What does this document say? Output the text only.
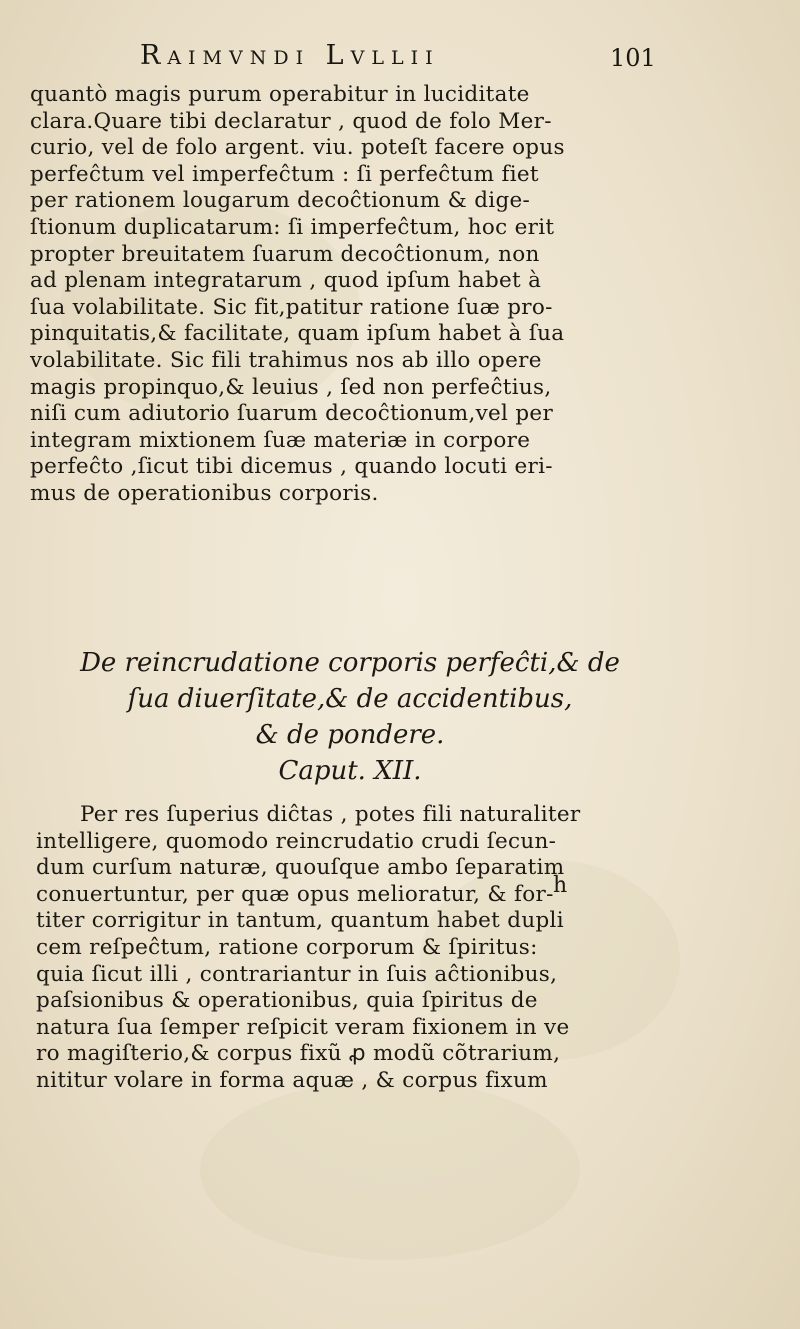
Raimvndi Lvllii	101
quantò magis purum operabitur in luciditate
clara.Quare tibi declaratur , quod de folo Mer-
curio, vel de folo argent. viu. poteſt facere opus
perfeĉtum vel imperfeĉtum : ſi perfeĉtum fiet
per rationem lougarum decoĉtionum & dige-
ſtionum duplicatarum: ſi imperfeĉtum, hoc erit
propter breuitatem ſuarum decoĉtionum, non
ad plenam integratarum , quod ipſum habet à
ſua volabilitate. Sic fit,patitur ratione ſuæ pro-
pinquitatis,& facilitate, quam ipſum habet à ſua
volabilitate. Sic fili trahimus nos ab illo opere
magis propinquo,& leuius , ſed non perfeĉtius,
niſi cum adiutorio ſuarum decoĉtionum,vel per
integram mixtionem ſuæ materiæ in corpore
perfeĉto ,ſicut tibi dicemus , quando locuti eri-
mus de operationibus corporis.
De reincrudatione corporis perfeĉti,& de
ſua diuerſitate,& de accidentibus,
& de pondere.
Caput. XII.
Per res ſuperius diĉtas , potes fili naturaliter
intelligere, quomodo reincrudatio crudi ſecun-
dum curſum naturæ, quouſque ambo ſeparatim
conuertuntur, per quæ opus melioratur, & for-
titer corrigitur in tantum, quantum habet dupli
cem reſpeĉtum, ratione corporum & ſpiritus:
quia ſicut illi , contrariantur in ſuis aĉtionibus,
paſsionibus & operationibus, quia ſpiritus de
natura ſua ſemper reſpicit veram fixionem in ve
ro magiſterio,& corpus fixũ ꝓ modũ cõtrarium,
nititur volare in forma aquæ , & corpus fixum
h
